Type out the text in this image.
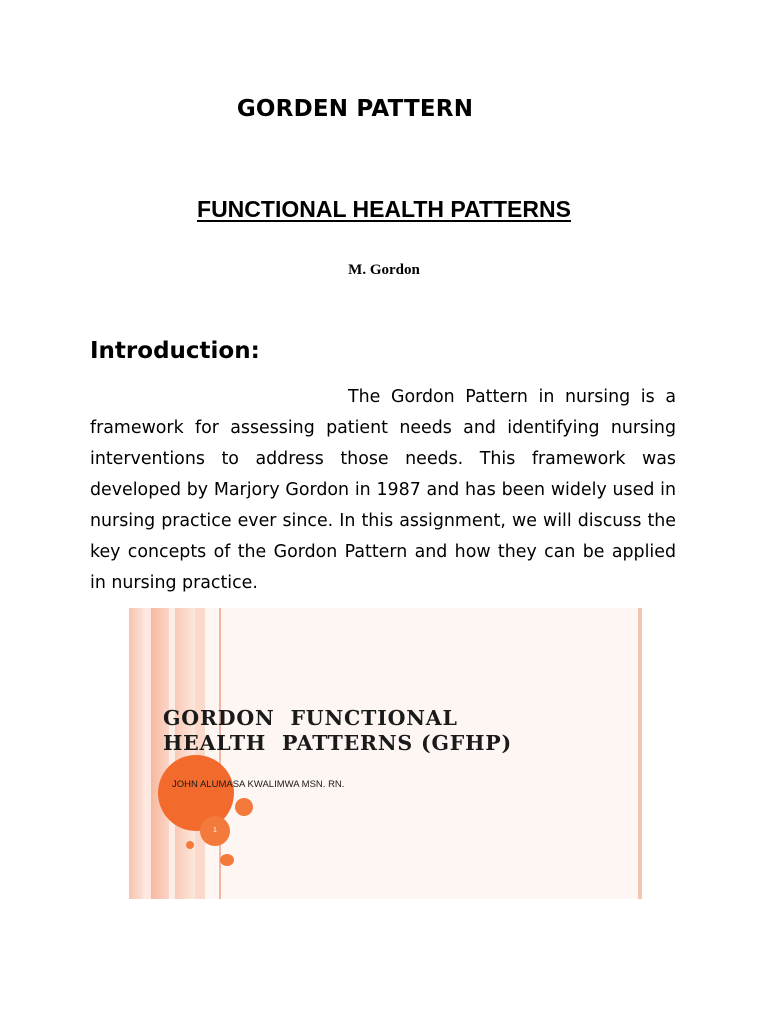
GORDEN PATTERN
FUNCTIONAL HEALTH PATTERNS
M. Gordon
Introduction:

The Gordon Pattern in nursing is a framework for assessing patient needs and identifying nursing interventions to address those needs. This framework was developed by Marjory Gordon in 1987 and has been widely used in nursing practice ever since. In this assignment, we will discuss the key concepts of the Gordon Pattern and how they can be applied in nursing practice.

GORDON  FUNCTIONAL
HEALTH  PATTERNS (GFHP)
JOHN ALUMASA KWALIMWA MSN. RN.
1
